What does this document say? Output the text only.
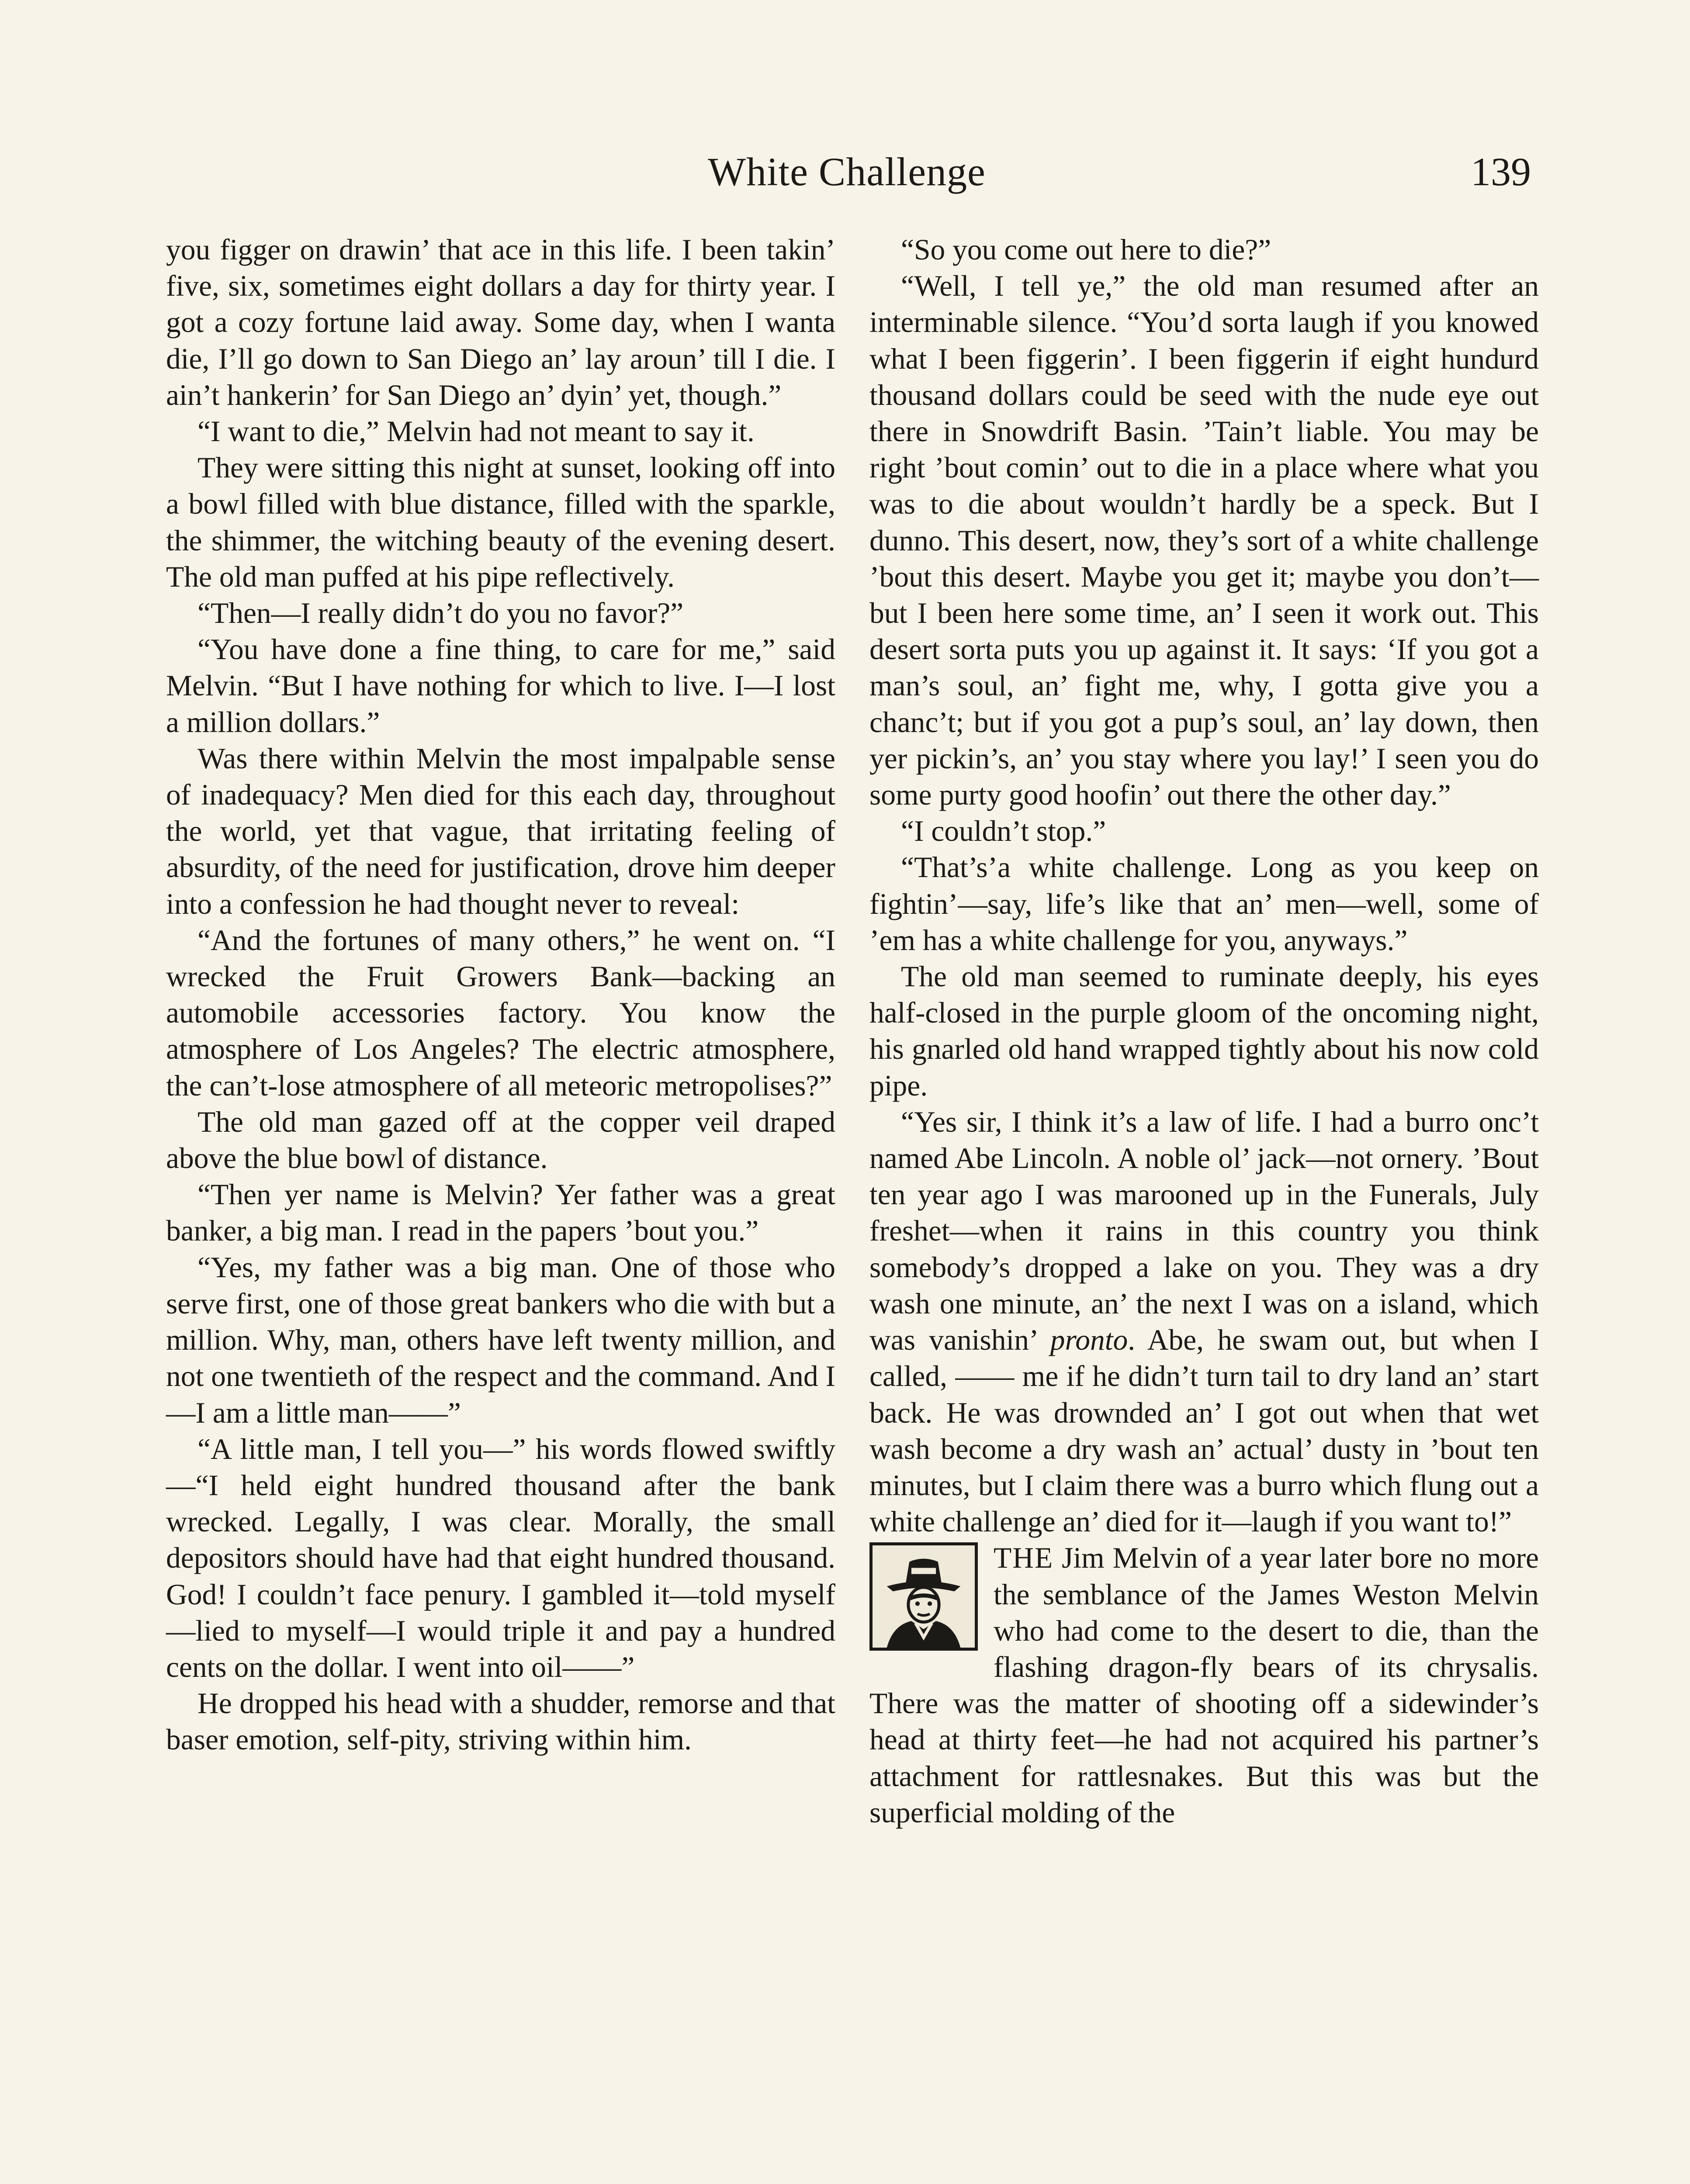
White Challenge	139

you figger on drawin’ that ace in this life. I been takin’ five, six, sometimes eight dollars a day for thirty year. I got a cozy fortune laid away. Some day, when I wanta die, I’ll go down to San Diego an’ lay aroun’ till I die. I ain’t hankerin’ for San Diego an’ dyin’ yet, though.”

“I want to die,” Melvin had not meant to say it.

They were sitting this night at sunset, looking off into a bowl filled with blue distance, filled with the sparkle, the shimmer, the witching beauty of the evening desert. The old man puffed at his pipe reflectively.

“Then—I really didn’t do you no favor?”

“You have done a fine thing, to care for me,” said Melvin. “But I have nothing for which to live. I—I lost a million dollars.”

Was there within Melvin the most impalpable sense of inadequacy? Men died for this each day, throughout the world, yet that vague, that irritating feeling of absurdity, of the need for justification, drove him deeper into a confession he had thought never to reveal:

“And the fortunes of many others,” he went on. “I wrecked the Fruit Growers Bank—backing an automobile accessories factory. You know the atmosphere of Los Angeles? The electric atmosphere, the can’t-lose atmosphere of all meteoric metropolises?”

The old man gazed off at the copper veil draped above the blue bowl of distance.

“Then yer name is Melvin? Yer father was a great banker, a big man. I read in the papers ’bout you.”

“Yes, my father was a big man. One of those who serve first, one of those great bankers who die with but a million. Why, man, others have left twenty million, and not one twentieth of the respect and the command. And I—I am a little man——”

“A little man, I tell you—” his words flowed swiftly—“I held eight hundred thousand after the bank wrecked. Legally, I was clear. Morally, the small depositors should have had that eight hundred thousand. God! I couldn’t face penury. I gambled it—told myself —lied to myself—I would triple it and pay a hundred cents on the dollar. I went into oil——”

He dropped his head with a shudder, remorse and that baser emotion, self-pity, striving within him.

“So you come out here to die?”

“Well, I tell ye,” the old man resumed after an interminable silence. “You’d sorta laugh if you knowed what I been figgerin’. I been figgerin if eight hundurd thousand dollars could be seed with the nude eye out there in Snowdrift Basin. ’Tain’t liable. You may be right ’bout comin’ out to die in a place where what you was to die about wouldn’t hardly be a speck. But I dunno. This desert, now, they’s sort of a white challenge ’bout this desert. Maybe you get it; maybe you don’t—but I been here some time, an’ I seen it work out. This desert sorta puts you up against it. It says: ‘If you got a man’s soul, an’ fight me, why, I gotta give you a chanc’t; but if you got a pup’s soul, an’ lay down, then yer pickin’s, an’ you stay where you lay!’ I seen you do some purty good hoofin’ out there the other day.”

“I couldn’t stop.”

“That’s’a white challenge. Long as you keep on fightin’—say, life’s like that an’ men—well, some of ’em has a white challenge for you, anyways.”

The old man seemed to ruminate deeply, his eyes half-closed in the purple gloom of the oncoming night, his gnarled old hand wrapped tightly about his now cold pipe.

“Yes sir, I think it’s a law of life. I had a burro onc’t named Abe Lincoln. A noble ol’ jack—not ornery. ’Bout ten year ago I was marooned up in the Funerals, July freshet—when it rains in this country you think somebody’s dropped a lake on you. They was a dry wash one minute, an’ the next I was on a island, which was vanishin’ pronto. Abe, he swam out, but when I called, —— me if he didn’t turn tail to dry land an’ start back. He was drownded an’ I got out when that wet wash become a dry wash an’ actual’ dusty in ’bout ten minutes, but I claim there was a burro which flung out a white challenge an’ died for it—laugh if you want to!”

THE Jim Melvin of a year later bore no more the semblance of the James Weston Melvin who had come to the desert to die, than the flashing dragon-fly bears of its chrysalis. There was the matter of shooting off a sidewinder’s head at thirty feet—he had not acquired his partner’s attachment for rattlesnakes. But this was but the superficial molding of the
